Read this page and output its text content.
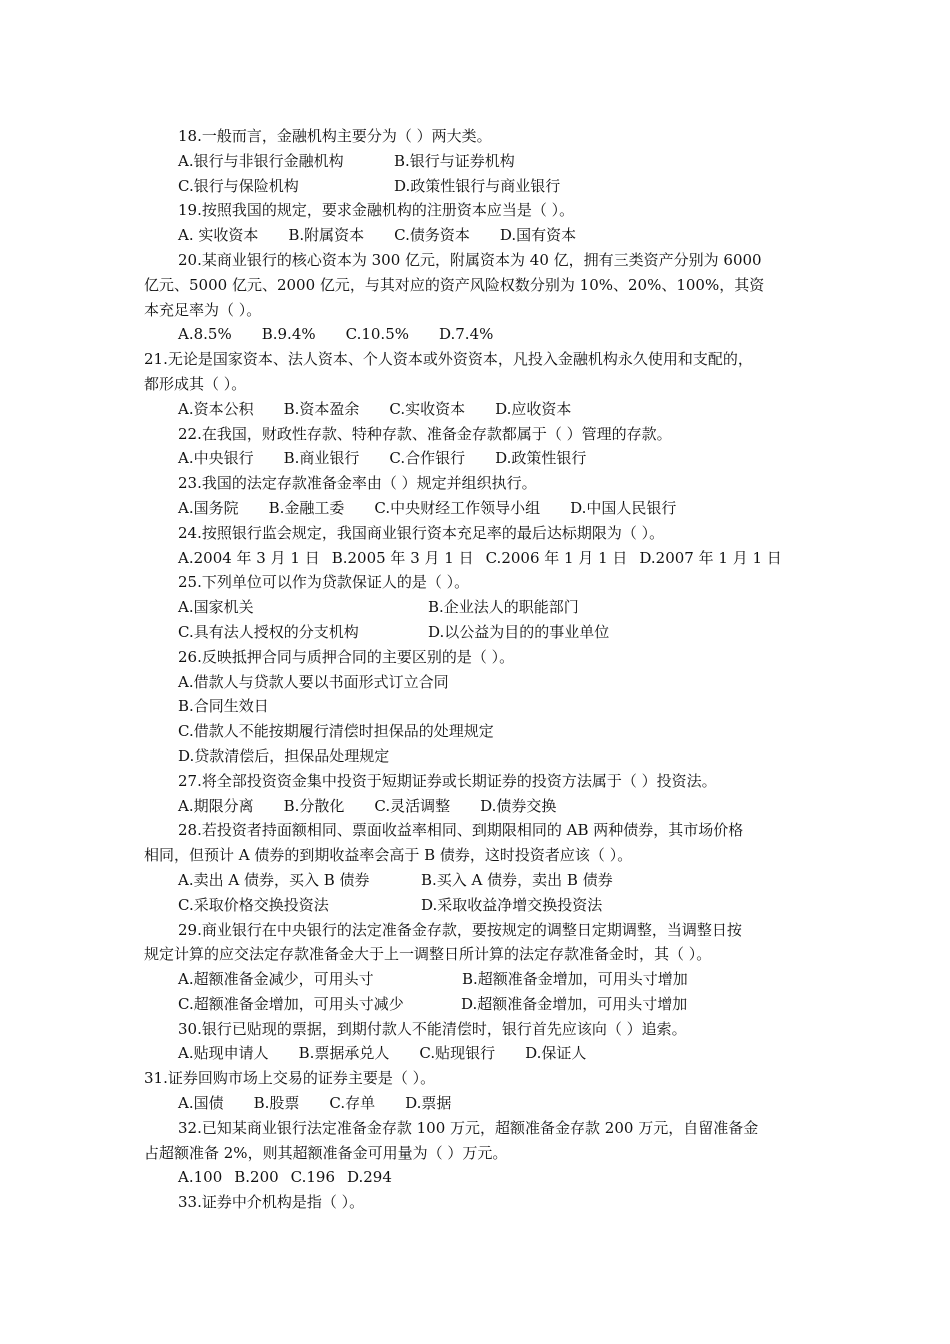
18.一般而言，金融机构主要分为（ ）两大类。
A.银行与非银行金融机构	B.银行与证券机构
C.银行与保险机构	D.政策性银行与商业银行
19.按照我国的规定，要求金融机构的注册资本应当是（ ）。
A. 实收资本 B.附属资本 C.债务资本 D.国有资本
20.某商业银行的核心资本为 300 亿元，附属资本为 40 亿，拥有三类资产分别为 6000
亿元、5000 亿元、2000 亿元，与其对应的资产风险权数分别为 10%、20%、100%，其资
本充足率为（ ）。
A.8.5% B.9.4% C.10.5% D.7.4%
21.无论是国家资本、法人资本、个人资本或外资资本，凡投入金融机构永久使用和支配的，
都形成其（ ）。
A.资本公积 B.资本盈余 C.实收资本 D.应收资本
22.在我国，财政性存款、特种存款、准备金存款都属于（ ）管理的存款。
A.中央银行 B.商业银行 C.合作银行 D.政策性银行
23.我国的法定存款准备金率由（ ）规定并组织执行。
A.国务院 B.金融工委 C.中央财经工作领导小组 D.中国人民银行
24.按照银行监会规定，我国商业银行资本充足率的最后达标期限为（ ）。
A.2004 年 3 月 1 日 B.2005 年 3 月 1 日 C.2006 年 1 月 1 日 D.2007 年 1 月 1 日
25.下列单位可以作为贷款保证人的是（ ）。
A.国家机关	B.企业法人的职能部门
C.具有法人授权的分支机构	D.以公益为目的的事业单位
26.反映抵押合同与质押合同的主要区别的是（ ）。
A.借款人与贷款人要以书面形式订立合同
B.合同生效日
C.借款人不能按期履行清偿时担保品的处理规定
D.贷款清偿后，担保品处理规定
27.将全部投资资金集中投资于短期证券或长期证券的投资方法属于（ ）投资法。
A.期限分离 B.分散化 C.灵活调整 D.债券交换
28.若投资者持面额相同、票面收益率相同、到期限相同的 AB 两种债券，其市场价格
相同，但预计 A 债券的到期收益率会高于 B 债券，这时投资者应该（ ）。
A.卖出 A 债券，买入 B 债券	B.买入 A 债券，卖出 B 债券
C.采取价格交换投资法	D.采取收益净增交换投资法
29.商业银行在中央银行的法定准备金存款，要按规定的调整日定期调整，当调整日按
规定计算的应交法定存款准备金大于上一调整日所计算的法定存款准备金时，其（ ）。
A.超额准备金减少，可用头寸	B.超额准备金增加，可用头寸增加
C.超额准备金增加，可用头寸减少	D.超额准备金增加，可用头寸增加
30.银行已贴现的票据，到期付款人不能清偿时，银行首先应该向（ ）追索。
A.贴现申请人 B.票据承兑人 C.贴现银行 D.保证人
31.证券回购市场上交易的证券主要是（ ）。
A.国债 B.股票 C.存单 D.票据
32.已知某商业银行法定准备金存款 100 万元，超额准备金存款 200 万元，自留准备金
占超额准备 2%，则其超额准备金可用量为（ ）万元。
A.100 B.200 C.196 D.294
33.证券中介机构是指（ ）。
